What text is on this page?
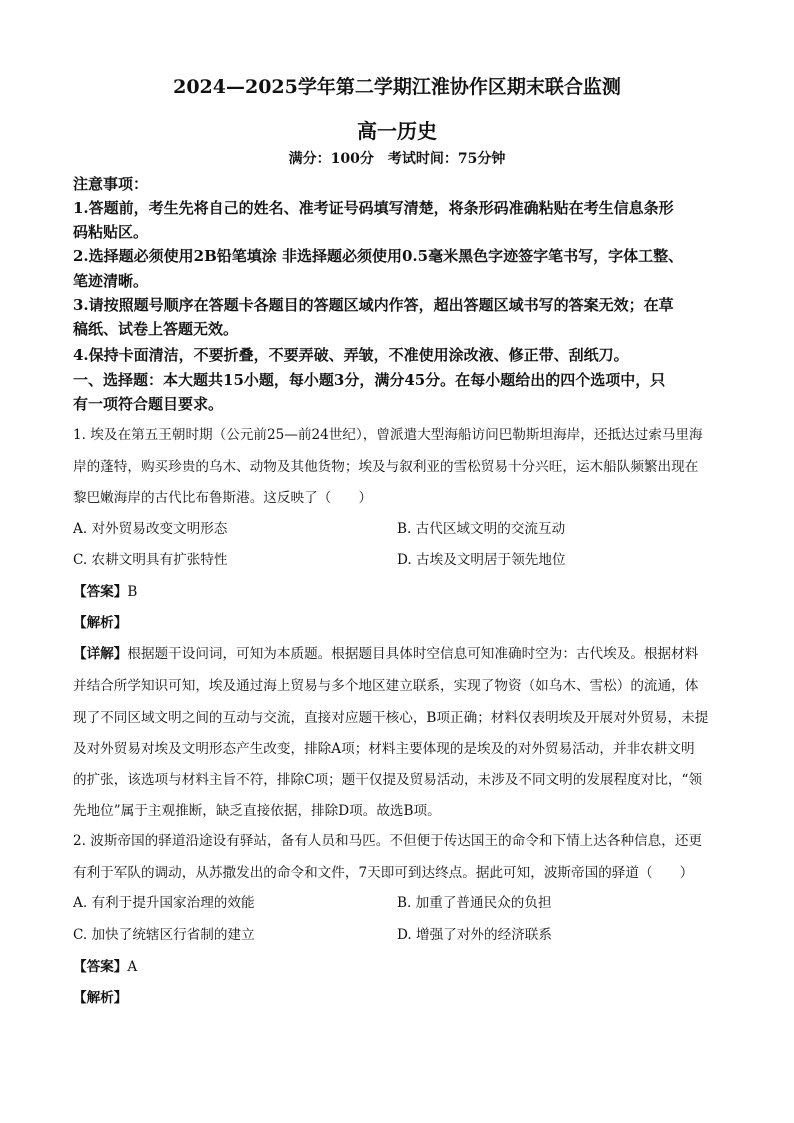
2024—2025学年第二学期江淮协作区期末联合监测
高一历史
满分：100分　考试时间：75分钟
注意事项：
1.答题前，考生先将自己的姓名、准考证号码填写清楚，将条形码准确粘贴在考生信息条形
码粘贴区。
2.选择题必须使用2B铅笔填涂 非选择题必须使用0.5毫米黑色字迹签字笔书写，字体工整、
笔迹清晰。
3.请按照题号顺序在答题卡各题目的答题区域内作答，超出答题区域书写的答案无效；在草
稿纸、试卷上答题无效。
4.保持卡面清洁，不要折叠，不要弄破、弄皱，不准使用涂改液、修正带、刮纸刀。
一、选择题：本大题共15小题，每小题3分，满分45分。在每小题给出的四个选项中，只
有一项符合题目要求。
1. 埃及在第五王朝时期（公元前25—前24世纪），曾派遣大型海船访问巴勒斯坦海岸，还抵达过索马里海
岸的蓬特，购买珍贵的乌木、动物及其他货物；埃及与叙利亚的雪松贸易十分兴旺，运木船队频繁出现在
黎巴嫩海岸的古代比布鲁斯港。这反映了（　　）
A. 对外贸易改变文明形态	B. 古代区域文明的交流互动
C. 农耕文明具有扩张特性	D. 古埃及文明居于领先地位
【答案】B
【解析】
【详解】根据题干设问词，可知为本质题。根据题目具体时空信息可知准确时空为：古代埃及。根据材料
并结合所学知识可知，埃及通过海上贸易与多个地区建立联系，实现了物资（如乌木、雪松）的流通，体
现了不同区域文明之间的互动与交流，直接对应题干核心，B项正确；材料仅表明埃及开展对外贸易，未提
及对外贸易对埃及文明形态产生改变，排除A项；材料主要体现的是埃及的对外贸易活动，并非农耕文明
的扩张，该选项与材料主旨不符，排除C项；题干仅提及贸易活动，未涉及不同文明的发展程度对比，“领
先地位”属于主观推断，缺乏直接依据，排除D项。故选B项。
2. 波斯帝国的驿道沿途设有驿站，备有人员和马匹。不但便于传达国王的命令和下情上达各种信息，还更
有利于军队的调动，从苏撒发出的命令和文件，7天即可到达终点。据此可知，波斯帝国的驿道（　　）
A. 有利于提升国家治理的效能	B. 加重了普通民众的负担
C. 加快了统辖区行省制的建立	D. 增强了对外的经济联系
【答案】A
【解析】
